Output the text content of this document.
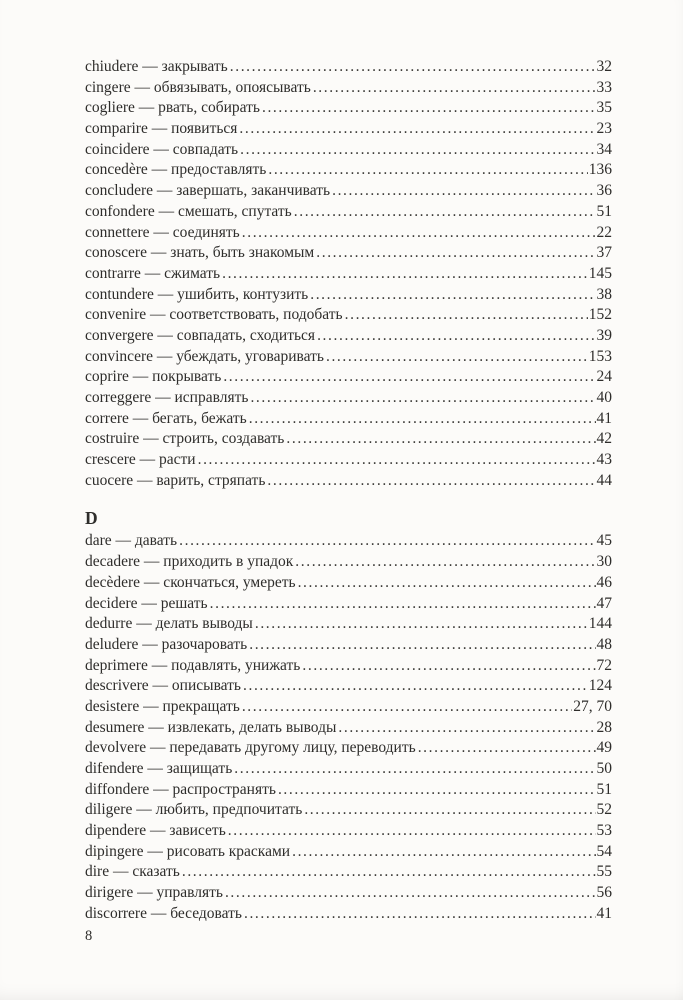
chiudere — закрывать .....	32
cingere — обвязывать, опоясывать .....	33
cogliere — рвать, собирать .....	35
comparire — появиться .....	23
coincidere — совпадать .....	34
concedère — предоставлять .....	136
concludere — завершать, заканчивать .....	36
confondere — смешать, спутать .....	51
connettere — соединять .....	22
conoscere — знать, быть знакомым .....	37
contrarre — сжимать .....	145
contundere — ушибить, контузить .....	38
convenire — соответствовать, подобать .....	152
convergere — совпадать, сходиться .....	39
convincere — убеждать, уговаривать .....	153
coprire — покрывать .....	24
correggere — исправлять .....	40
correre — бегать, бежать .....	41
costruire — строить, создавать .....	42
crescere — расти .....	43
cuocere — варить, стряпать .....	44
D
dare — давать .....	45
decadere — приходить в упадок .....	30
decèdere — скончаться, умереть .....	46
decidere — решать .....	47
dedurre — делать выводы .....	144
deludere — разочаровать .....	48
deprimere — подавлять, унижать .....	72
descrivere — описывать .....	124
desistere — прекращать .....	27, 70
desumere — извлекать, делать выводы .....	28
devolvere — передавать другому лицу, переводить .....	49
difendere — защищать .....	50
diffondere — распространять .....	51
diligere — любить, предпочитать .....	52
dipendere — зависеть .....	53
dipingere — рисовать красками .....	54
dire — сказать .....	55
dirigere — управлять .....	56
discorrere — беседовать .....	41
8
